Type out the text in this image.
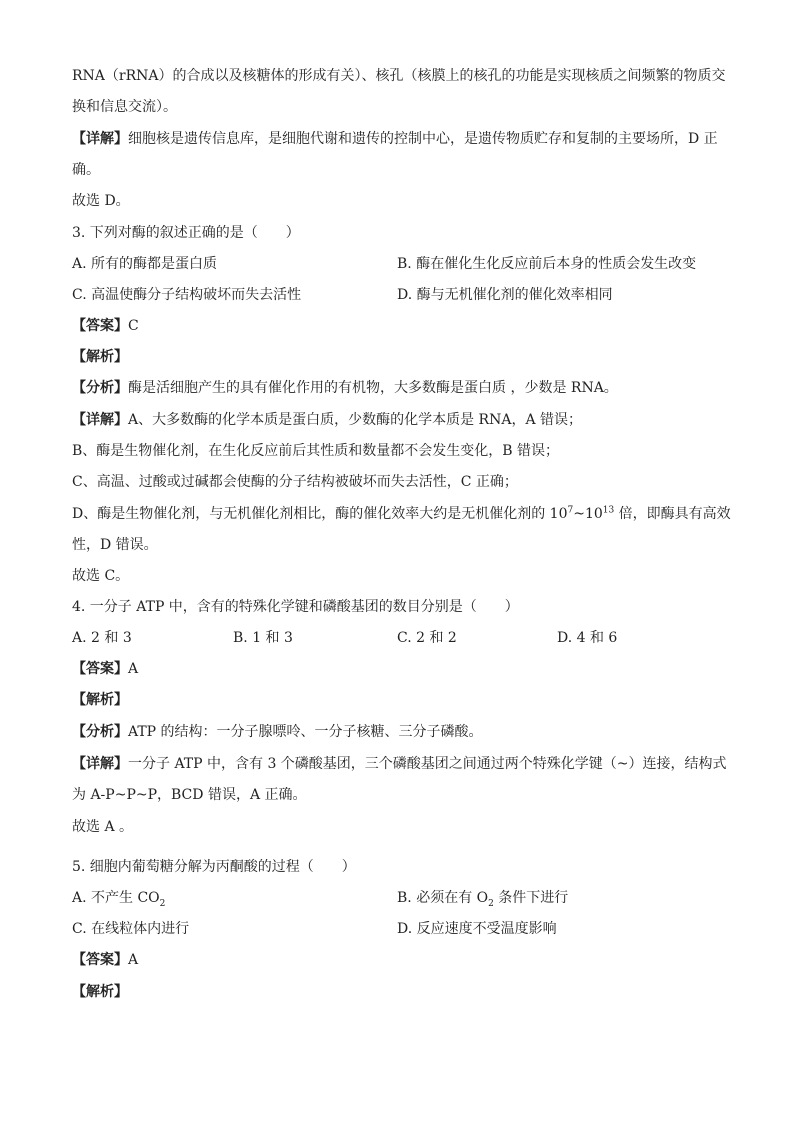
RNA（rRNA）的合成以及核糖体的形成有关）、核孔（核膜上的核孔的功能是实现核质之间频繁的物质交
换和信息交流）。
【详解】细胞核是遗传信息库，是细胞代谢和遗传的控制中心，是遗传物质贮存和复制的主要场所，D 正
确。
故选 D。
3. 下列对酶的叙述正确的是（　　）
A. 所有的酶都是蛋白质	B. 酶在催化生化反应前后本身的性质会发生改变
C. 高温使酶分子结构破坏而失去活性	D. 酶与无机催化剂的催化效率相同
【答案】C
【解析】
【分析】酶是活细胞产生的具有催化作用的有机物，大多数酶是蛋白质 ，少数是 RNA。
【详解】A、大多数酶的化学本质是蛋白质，少数酶的化学本质是 RNA，A 错误；
B、酶是生物催化剂，在生化反应前后其性质和数量都不会发生变化，B 错误；
C、高温、过酸或过碱都会使酶的分子结构被破坏而失去活性，C 正确；
D、酶是生物催化剂，与无机催化剂相比，酶的催化效率大约是无机催化剂的 $10^7\sim 10^{13}$ 倍，即酶具有高效
性，D 错误。
故选 C。
4. 一分子 ATP 中，含有的特殊化学键和磷酸基团的数目分别是（　　）
A. 2 和 3	B. 1 和 3	C. 2 和 2	D. 4 和 6
【答案】A
【解析】
【分析】ATP 的结构：一分子腺嘌呤、一分子核糖、三分子磷酸。
【详解】一分子 ATP 中，含有 3 个磷酸基团，三个磷酸基团之间通过两个特殊化学键（~）连接，结构式
为 A-P~P~P，BCD 错误，A 正确。
故选 A 。
5. 细胞内葡萄糖分解为丙酮酸的过程（　　）
A. 不产生 $CO_2$	B. 必须在有 $O_2$ 条件下进行
C. 在线粒体内进行	D. 反应速度不受温度影响
【答案】A
【解析】
